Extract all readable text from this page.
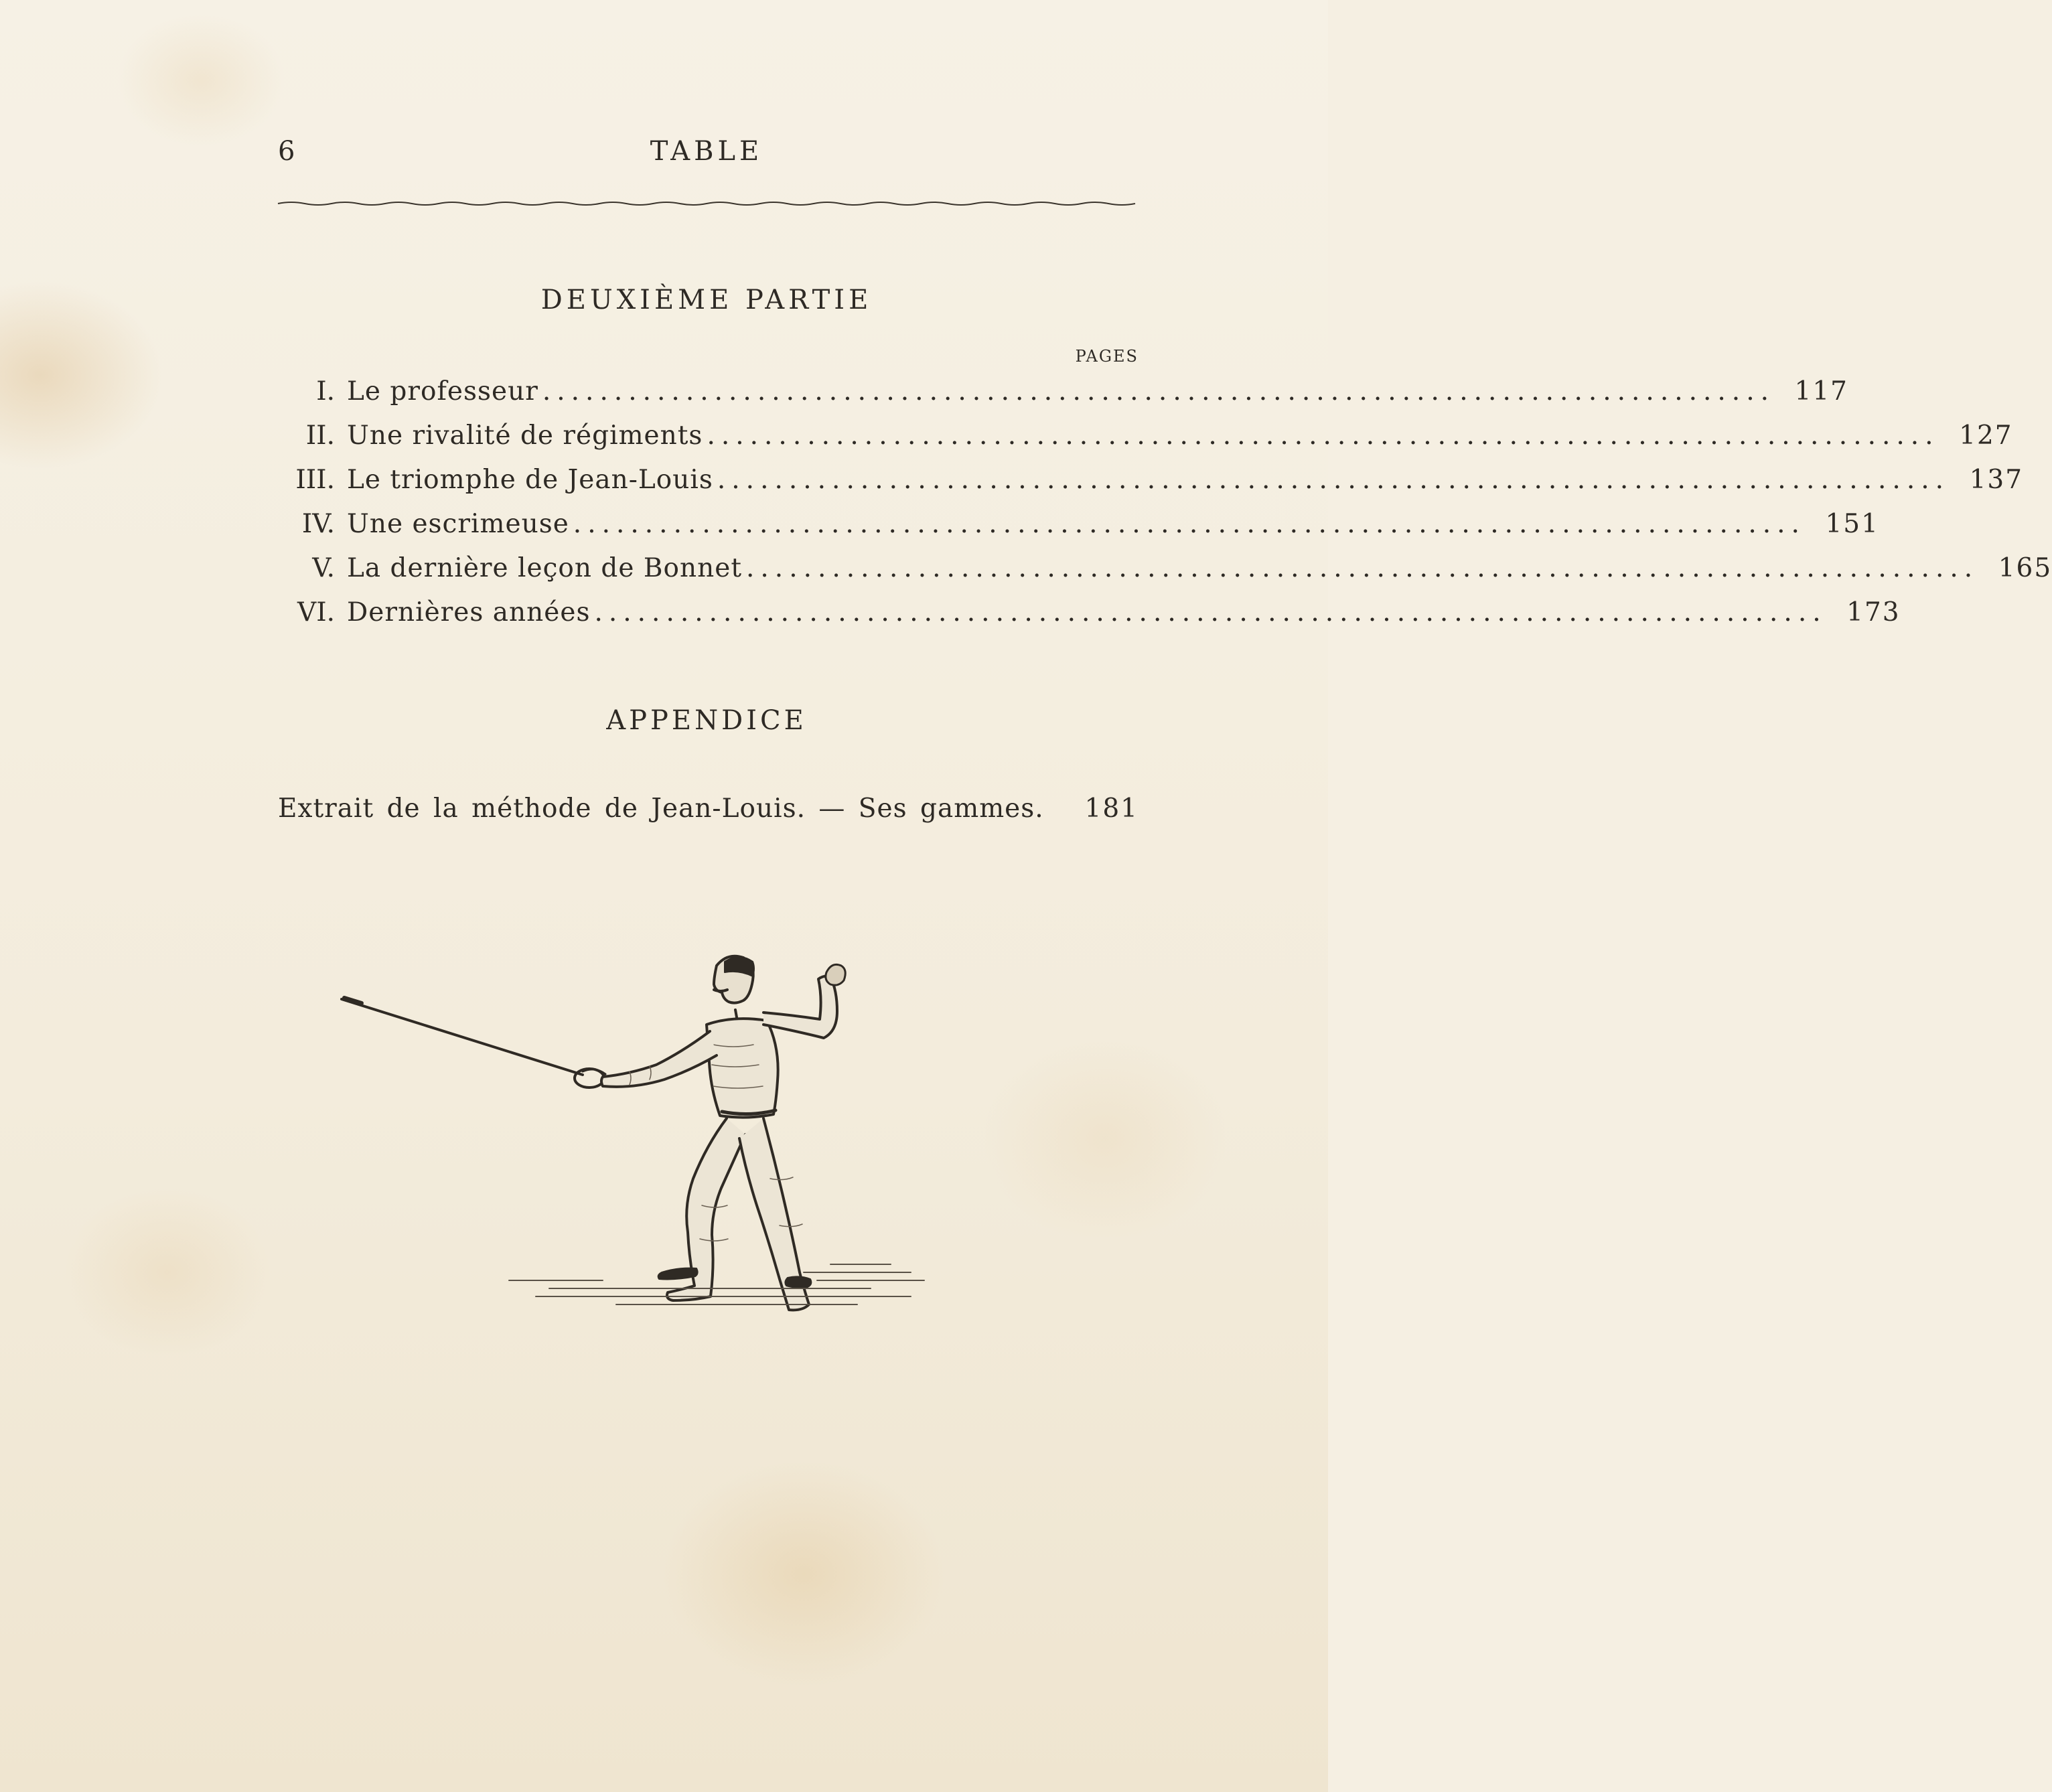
6	TABLE
DEUXIÈME PARTIE
PAGES
I. Le professeur ...................................................................................... 117
II. Une rivalité de régiments ...................................................................................... 127
III. Le triomphe de Jean-Louis ...................................................................................... 137
IV. Une escrimeuse ...................................................................................... 151
V. La dernière leçon de Bonnet ...................................................................................... 165
VI. Dernières années ...................................................................................... 173
APPENDICE
Extrait de la méthode de Jean-Louis. — Ses gammes. 181
